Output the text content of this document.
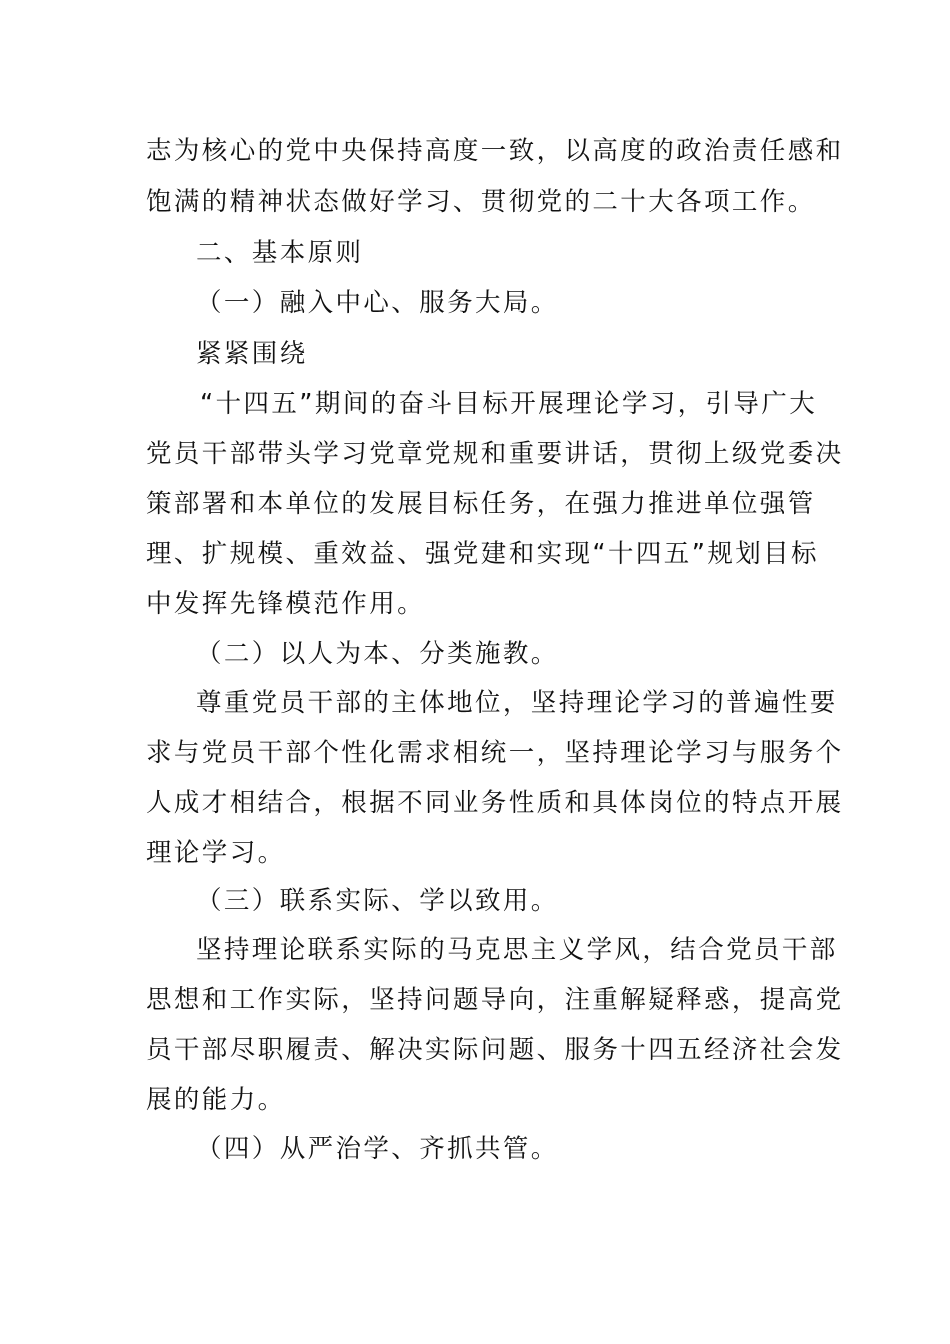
志为核心的党中央保持高度一致，以高度的政治责任感和
饱满的精神状态做好学习、贯彻党的二十大各项工作。
二、基本原则
（一）融入中心、服务大局。
紧紧围绕
“十四五”期间的奋斗目标开展理论学习，引导广大
党员干部带头学习党章党规和重要讲话，贯彻上级党委决
策部署和本单位的发展目标任务，在强力推进单位强管
理、扩规模、重效益、强党建和实现“十四五”规划目标
中发挥先锋模范作用。
（二）以人为本、分类施教。
尊重党员干部的主体地位，坚持理论学习的普遍性要
求与党员干部个性化需求相统一，坚持理论学习与服务个
人成才相结合，根据不同业务性质和具体岗位的特点开展
理论学习。
（三）联系实际、学以致用。
坚持理论联系实际的马克思主义学风，结合党员干部
思想和工作实际，坚持问题导向，注重解疑释惑，提高党
员干部尽职履责、解决实际问题、服务十四五经济社会发
展的能力。
（四）从严治学、齐抓共管。
